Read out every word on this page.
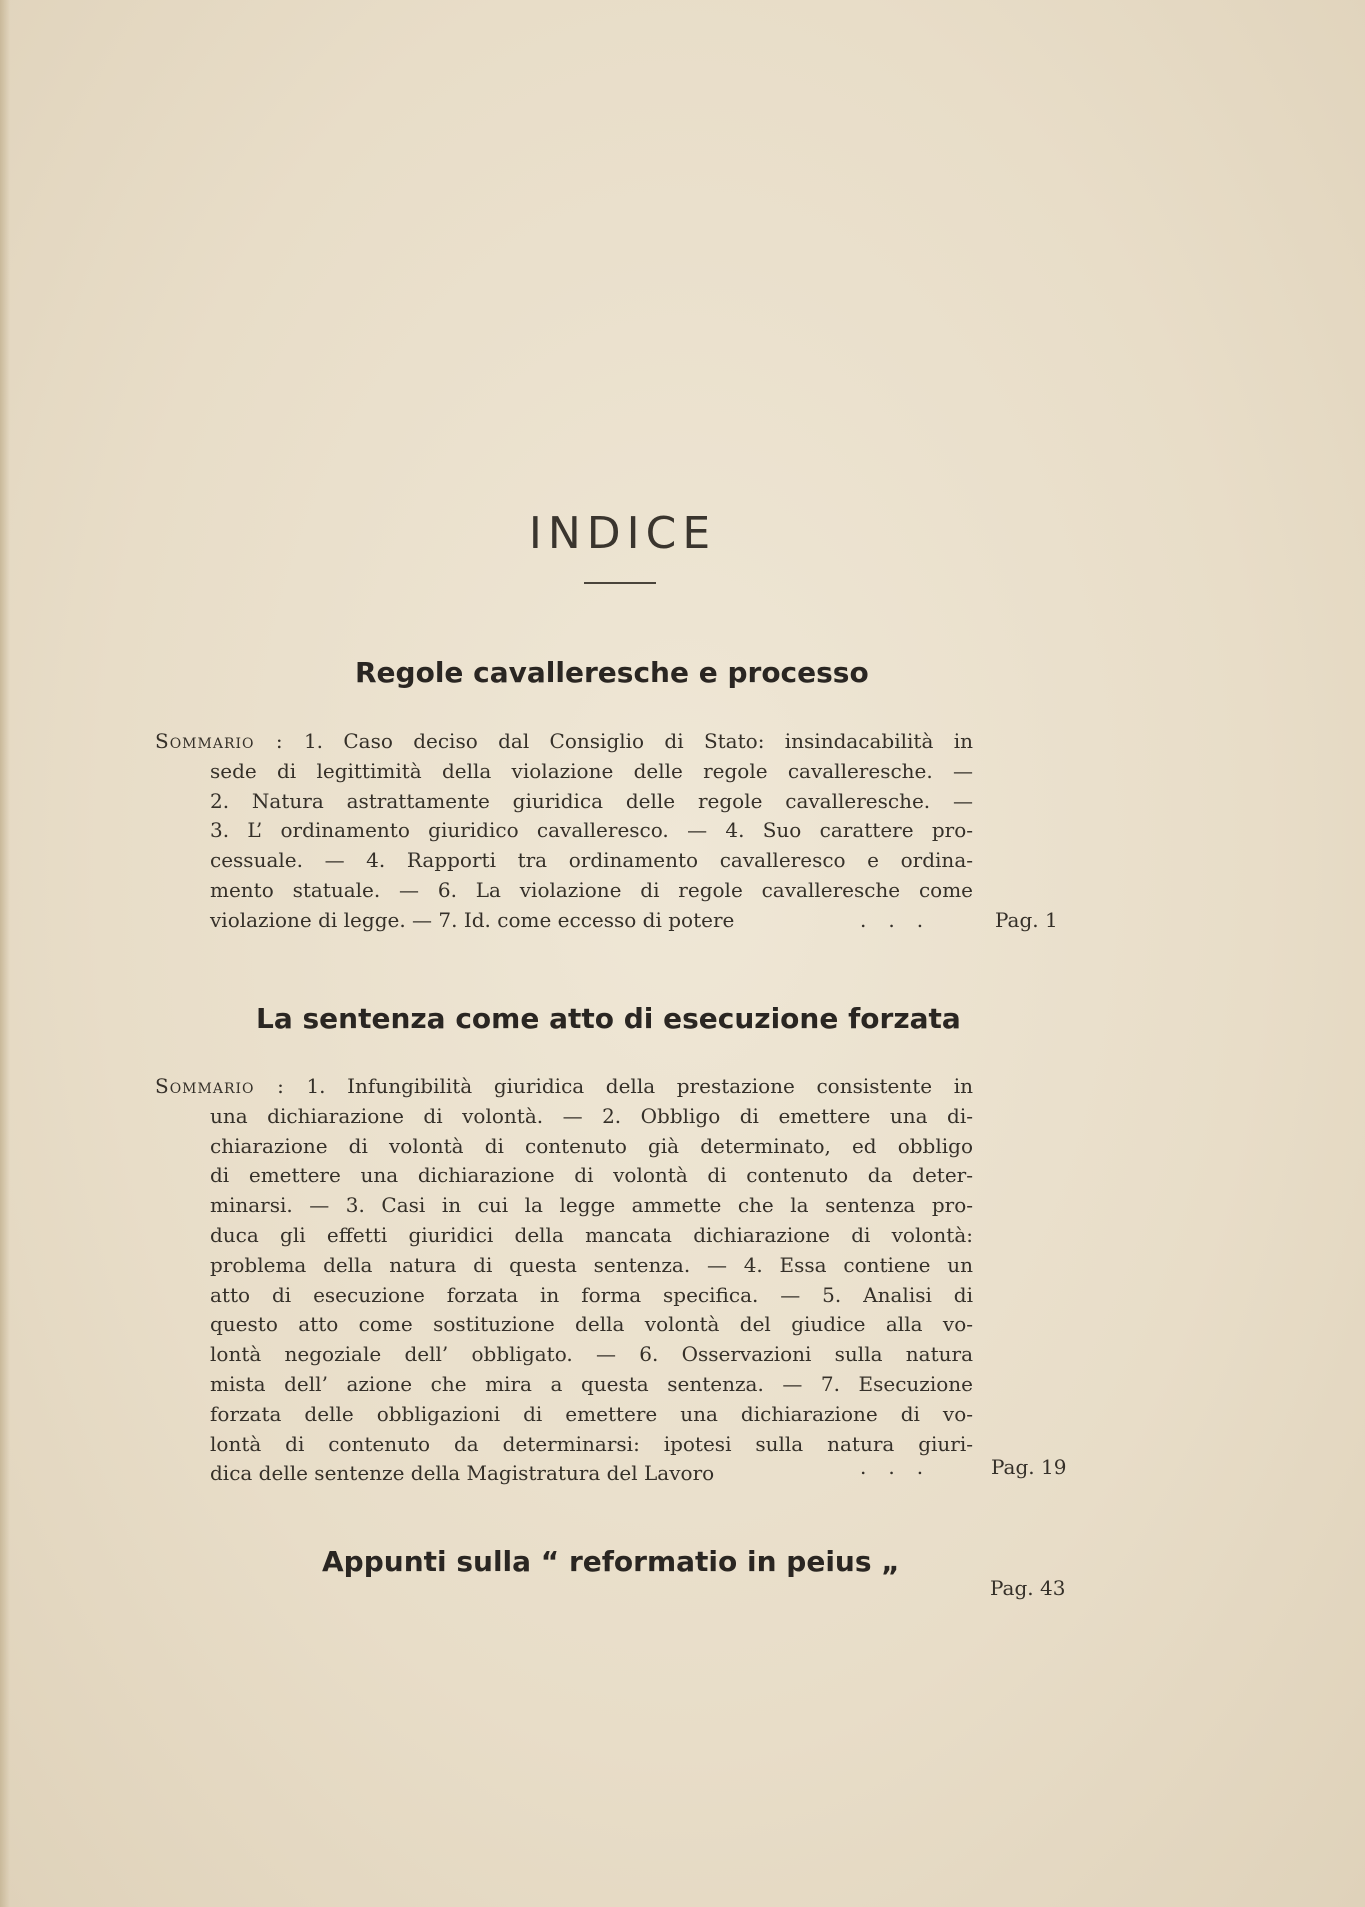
INDICE
Regole cavalleresche e processo
Sommario : 1. Caso deciso dal Consiglio di Stato: insindacabilità in
sede di legittimità della violazione delle regole cavalleresche. —
2. Natura astrattamente giuridica delle regole cavalleresche. —
3. L’ ordinamento giuridico cavalleresco. — 4. Suo carattere pro-
cessuale. — 4. Rapporti tra ordinamento cavalleresco e ordina-
mento statuale. — 6. La violazione di regole cavalleresche come
violazione di legge. — 7. Id. come eccesso di potere	... Pag. 1
La sentenza come atto di esecuzione forzata
Sommario : 1. Infungibilità giuridica della prestazione consistente in
una dichiarazione di volontà. — 2. Obbligo di emettere una di-
chiarazione di volontà di contenuto già determinato, ed obbligo
di emettere una dichiarazione di volontà di contenuto da deter-
minarsi. — 3. Casi in cui la legge ammette che la sentenza pro-
duca gli effetti giuridici della mancata dichiarazione di volontà:
problema della natura di questa sentenza. — 4. Essa contiene un
atto di esecuzione forzata in forma specifica. — 5. Analisi di
questo atto come sostituzione della volontà del giudice alla vo-
lontà negoziale dell’ obbligato. — 6. Osservazioni sulla natura
mista dell’ azione che mira a questa sentenza. — 7. Esecuzione
forzata delle obbligazioni di emettere una dichiarazione di vo-
lontà di contenuto da determinarsi: ipotesi sulla natura giuri-
dica delle sentenze della Magistratura del Lavoro	... Pag. 19
Appunti sulla “ reformatio in peius „
Pag. 43
